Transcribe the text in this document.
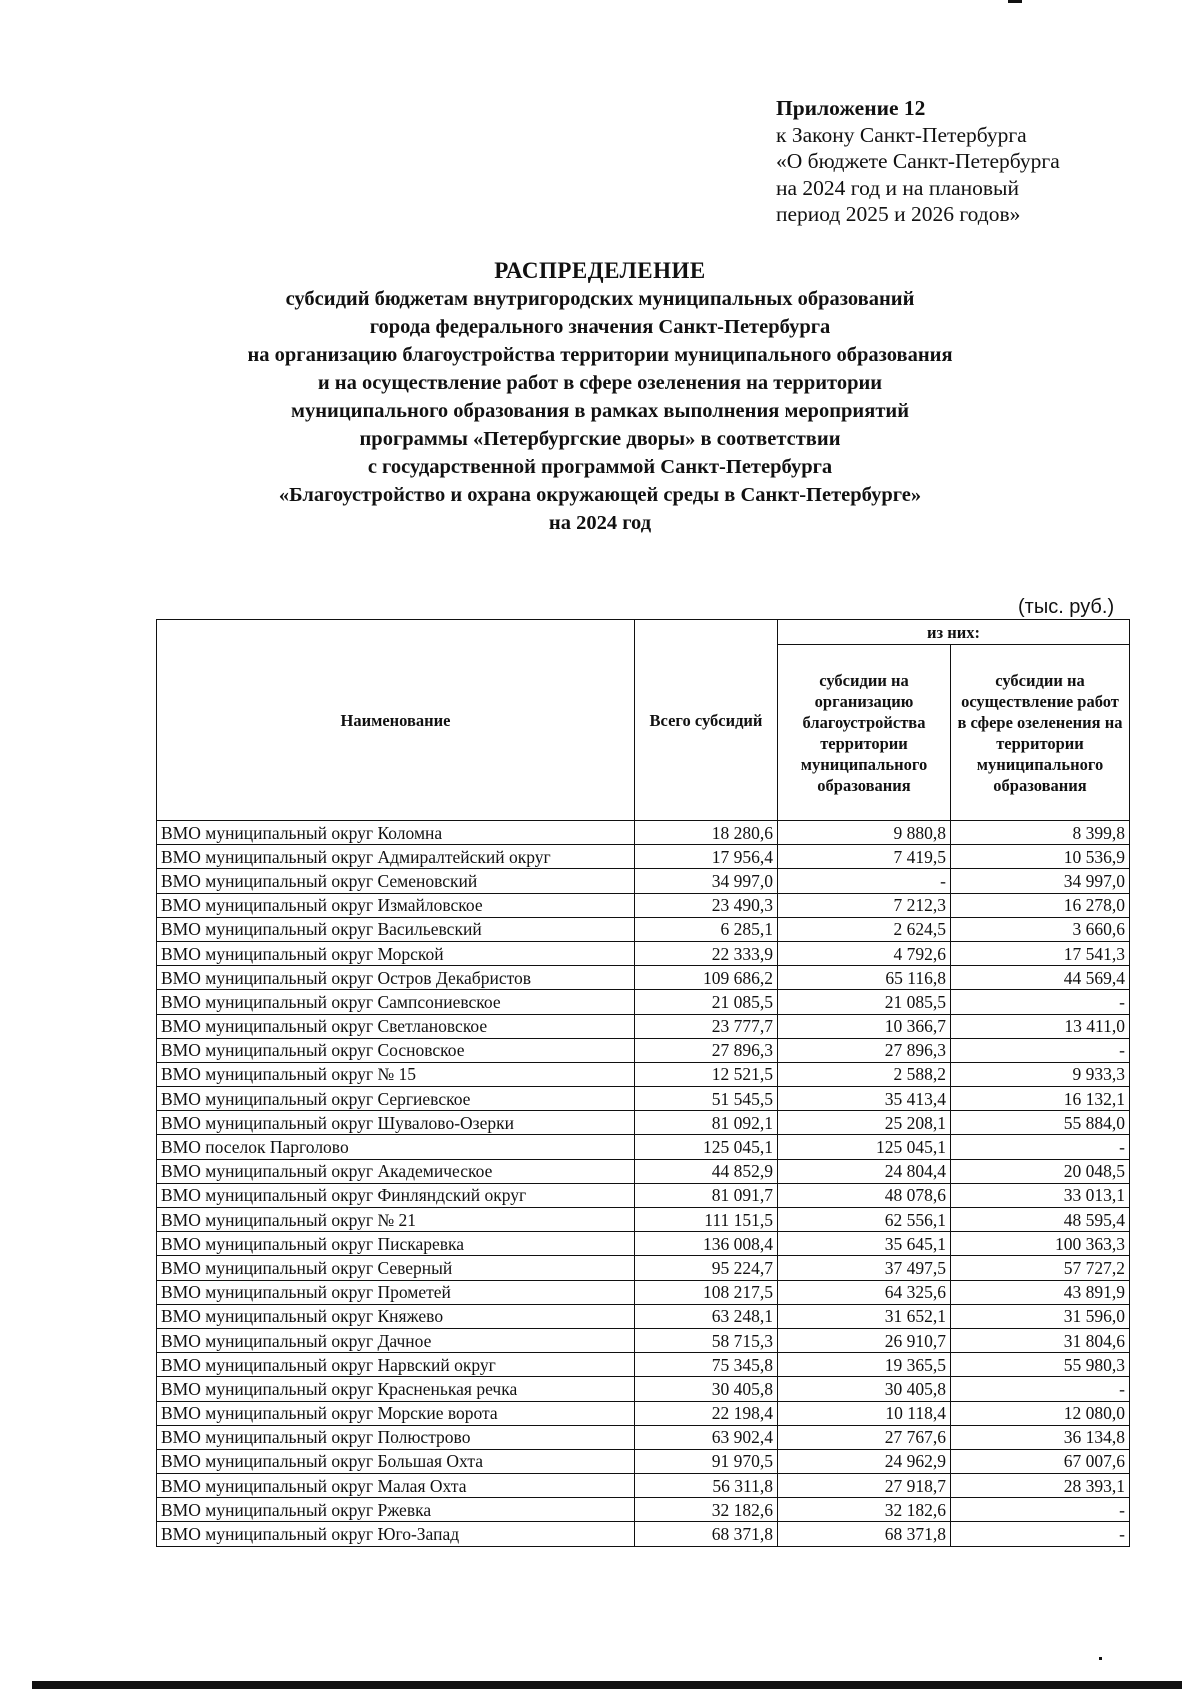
Приложение 12
к Закону Санкт-Петербурга
«О бюджете Санкт-Петербурга
на 2024 год и на плановый
период 2025 и 2026 годов»
РАСПРЕДЕЛЕНИЕ
субсидий бюджетам внутригородских муниципальных образований
города федерального значения Санкт-Петербурга
на организацию благоустройства территории муниципального образования
и на осуществление работ в сфере озеленения на территории
муниципального образования в рамках выполнения мероприятий
программы «Петербургские дворы» в соответствии
с государственной программой Санкт-Петербурга
«Благоустройство и охрана окружающей среды в Санкт-Петербурге»
на 2024 год
(тыс. руб.)
Наименование	Всего субсидий	из них:	
		субсидии на организацию благоустройства территории муниципального образования	субсидии на осуществление работ в сфере озеленения на территории муниципального образования
ВМО муниципальный округ Коломна	18 280,6	9 880,8	8 399,8
ВМО муниципальный округ Адмиралтейский округ	17 956,4	7 419,5	10 536,9
ВМО муниципальный округ Семеновский	34 997,0	-	34 997,0
ВМО муниципальный округ Измайловское	23 490,3	7 212,3	16 278,0
ВМО муниципальный округ Васильевский	6 285,1	2 624,5	3 660,6
ВМО муниципальный округ Морской	22 333,9	4 792,6	17 541,3
ВМО муниципальный округ Остров Декабристов	109 686,2	65 116,8	44 569,4
ВМО муниципальный округ Сампсониевское	21 085,5	21 085,5	-
ВМО муниципальный округ Светлановское	23 777,7	10 366,7	13 411,0
ВМО муниципальный округ Сосновское	27 896,3	27 896,3	-
ВМО муниципальный округ № 15	12 521,5	2 588,2	9 933,3
ВМО муниципальный округ Сергиевское	51 545,5	35 413,4	16 132,1
ВМО муниципальный округ Шувалово-Озерки	81 092,1	25 208,1	55 884,0
ВМО поселок Парголово	125 045,1	125 045,1	-
ВМО муниципальный округ Академическое	44 852,9	24 804,4	20 048,5
ВМО муниципальный округ Финляндский округ	81 091,7	48 078,6	33 013,1
ВМО муниципальный округ № 21	111 151,5	62 556,1	48 595,4
ВМО муниципальный округ Пискаревка	136 008,4	35 645,1	100 363,3
ВМО муниципальный округ Северный	95 224,7	37 497,5	57 727,2
ВМО муниципальный округ Прометей	108 217,5	64 325,6	43 891,9
ВМО муниципальный округ Княжево	63 248,1	31 652,1	31 596,0
ВМО муниципальный округ Дачное	58 715,3	26 910,7	31 804,6
ВМО муниципальный округ Нарвский округ	75 345,8	19 365,5	55 980,3
ВМО муниципальный округ Красненькая речка	30 405,8	30 405,8	-
ВМО муниципальный округ Морские ворота	22 198,4	10 118,4	12 080,0
ВМО муниципальный округ Полюстрово	63 902,4	27 767,6	36 134,8
ВМО муниципальный округ Большая Охта	91 970,5	24 962,9	67 007,6
ВМО муниципальный округ Малая Охта	56 311,8	27 918,7	28 393,1
ВМО муниципальный округ Ржевка	32 182,6	32 182,6	-
ВМО муниципальный округ Юго-Запад	68 371,8	68 371,8	-
